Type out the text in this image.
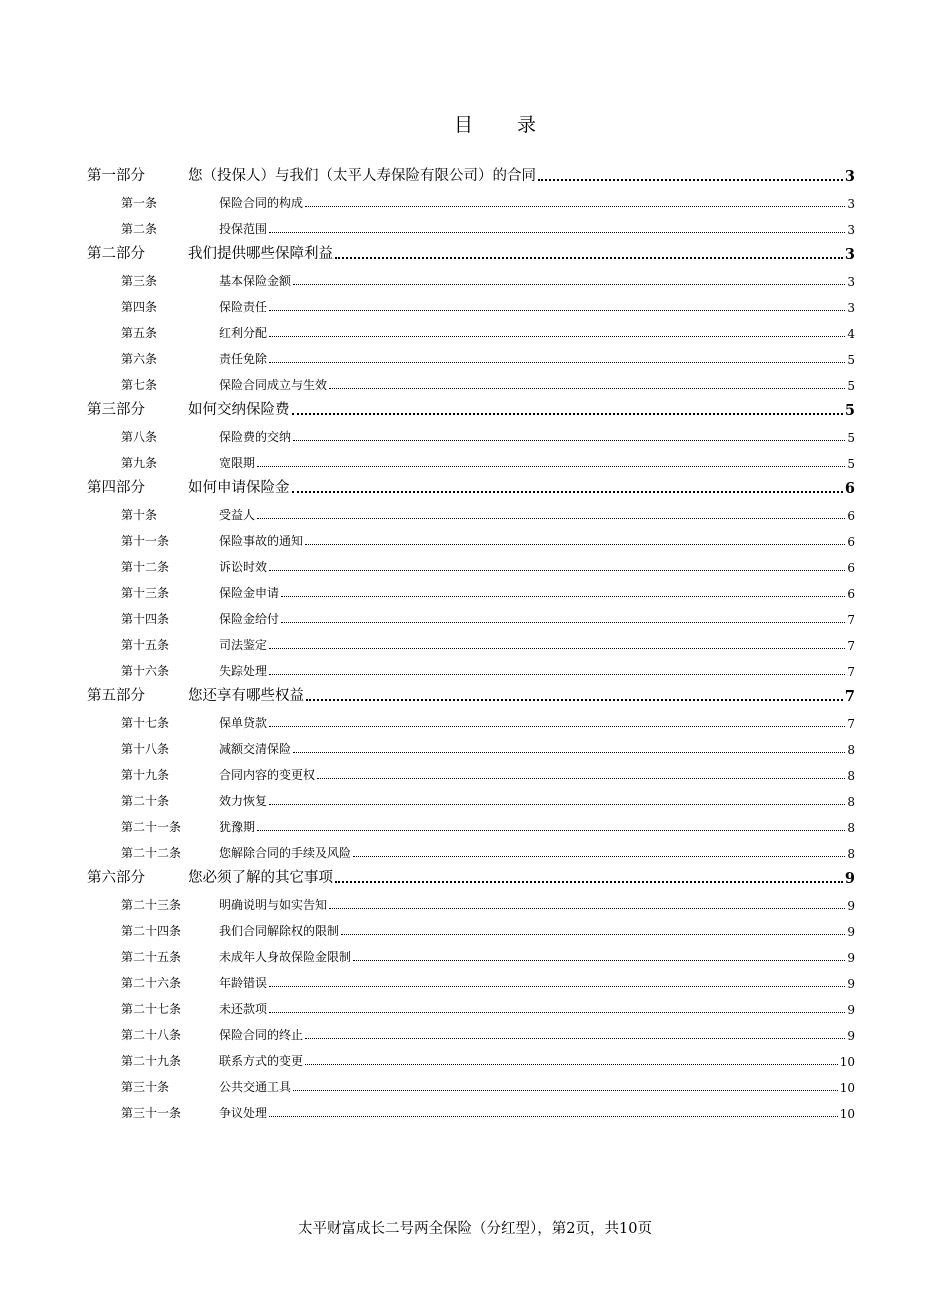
目 录
第一部分	您（投保人）与我们（太平人寿保险有限公司）的合同	3
第一条	保险合同的构成	3
第二条	投保范围	3
第二部分	我们提供哪些保障利益	3
第三条	基本保险金额	3
第四条	保险责任	3
第五条	红利分配	4
第六条	责任免除	5
第七条	保险合同成立与生效	5
第三部分	如何交纳保险费	5
第八条	保险费的交纳	5
第九条	宽限期	5
第四部分	如何申请保险金	6
第十条	受益人	6
第十一条	保险事故的通知	6
第十二条	诉讼时效	6
第十三条	保险金申请	6
第十四条	保险金给付	7
第十五条	司法鉴定	7
第十六条	失踪处理	7
第五部分	您还享有哪些权益	7
第十七条	保单贷款	7
第十八条	减额交清保险	8
第十九条	合同内容的变更权	8
第二十条	效力恢复	8
第二十一条	犹豫期	8
第二十二条	您解除合同的手续及风险	8
第六部分	您必须了解的其它事项	9
第二十三条	明确说明与如实告知	9
第二十四条	我们合同解除权的限制	9
第二十五条	未成年人身故保险金限制	9
第二十六条	年龄错误	9
第二十七条	未还款项	9
第二十八条	保险合同的终止	9
第二十九条	联系方式的变更	10
第三十条	公共交通工具	10
第三十一条	争议处理	10
太平财富成长二号两全保险（分红型），第2页，共10页
